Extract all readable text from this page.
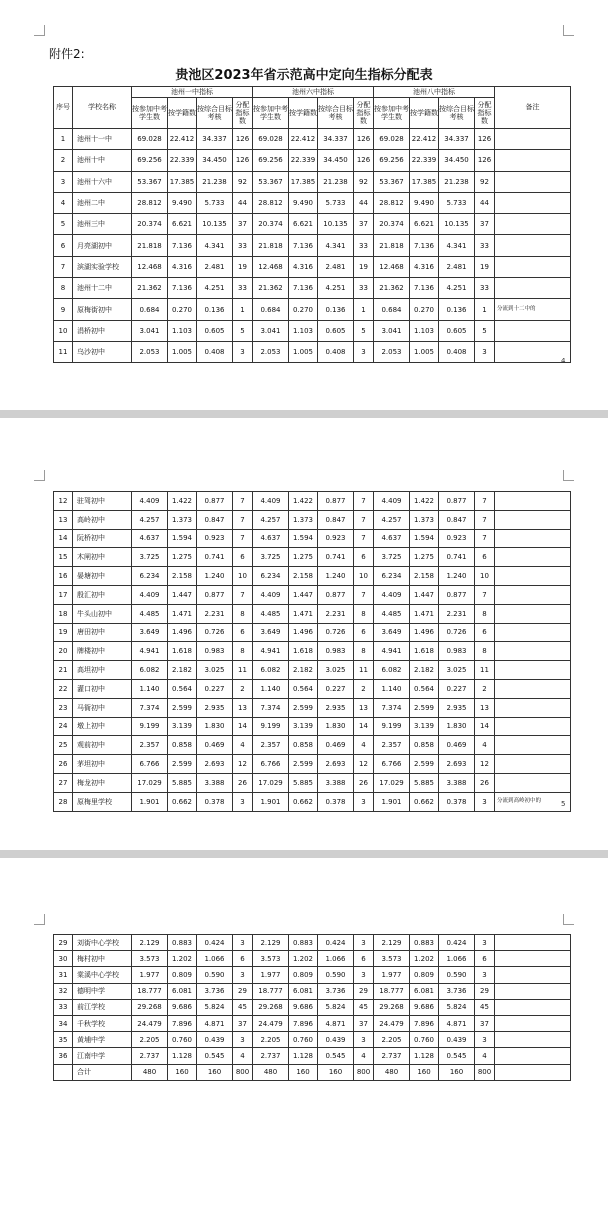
附件2:
贵池区2023年省示范高中定向生指标分配表
序号	学校名称	池州一中指标				池州六中指标				池州八中指标				备注
		按参加中考学生数	按学籍数	按综合目标考核	分配指标数	按参加中考学生数	按学籍数	按综合目标考核	分配指标数	按参加中考学生数	按学籍数	按综合目标考核	分配指标数	
1	池州十一中	69.028	22.412	34.337	126	69.028	22.412	34.337	126	69.028	22.412	34.337	126	
2	池州十中	69.256	22.339	34.450	126	69.256	22.339	34.450	126	69.256	22.339	34.450	126	
3	池州十六中	53.367	17.385	21.238	92	53.367	17.385	21.238	92	53.367	17.385	21.238	92	
4	池州二中	28.812	9.490	5.733	44	28.812	9.490	5.733	44	28.812	9.490	5.733	44	
5	池州三中	20.374	6.621	10.135	37	20.374	6.621	10.135	37	20.374	6.621	10.135	37	
6	月亮湖初中	21.818	7.136	4.341	33	21.818	7.136	4.341	33	21.818	7.136	4.341	33	
7	滨湖实验学校	12.468	4.316	2.481	19	12.468	4.316	2.481	19	12.468	4.316	2.481	19	
8	池州十二中	21.362	7.136	4.251	33	21.362	7.136	4.251	33	21.362	7.136	4.251	33	
9	原梅街初中	0.684	0.270	0.136	1	0.684	0.270	0.136	1	0.684	0.270	0.136	1	分流到十二中的
10	涓桥初中	3.041	1.103	0.605	5	3.041	1.103	0.605	5	3.041	1.103	0.605	5	
11	乌沙初中	2.053	1.005	0.408	3	2.053	1.005	0.408	3	2.053	1.005	0.408	3	
4
12	驻驾初中	4.409	1.422	0.877	7	4.409	1.422	0.877	7	4.409	1.422	0.877	7	
13	高岭初中	4.257	1.373	0.847	7	4.257	1.373	0.847	7	4.257	1.373	0.847	7	
14	阮桥初中	4.637	1.594	0.923	7	4.637	1.594	0.923	7	4.637	1.594	0.923	7	
15	木闸初中	3.725	1.275	0.741	6	3.725	1.275	0.741	6	3.725	1.275	0.741	6	
16	晏塘初中	6.234	2.158	1.240	10	6.234	2.158	1.240	10	6.234	2.158	1.240	10	
17	殷汇初中	4.409	1.447	0.877	7	4.409	1.447	0.877	7	4.409	1.447	0.877	7	
18	牛头山初中	4.485	1.471	2.231	8	4.485	1.471	2.231	8	4.485	1.471	2.231	8	
19	唐田初中	3.649	1.496	0.726	6	3.649	1.496	0.726	6	3.649	1.496	0.726	6	
20	牌楼初中	4.941	1.618	0.983	8	4.941	1.618	0.983	8	4.941	1.618	0.983	8	
21	高坦初中	6.082	2.182	3.025	11	6.082	2.182	3.025	11	6.082	2.182	3.025	11	
22	灌口初中	1.140	0.564	0.227	2	1.140	0.564	0.227	2	1.140	0.564	0.227	2	
23	马衙初中	7.374	2.599	2.935	13	7.374	2.599	2.935	13	7.374	2.599	2.935	13	
24	墩上初中	9.199	3.139	1.830	14	9.199	3.139	1.830	14	9.199	3.139	1.830	14	
25	观前初中	2.357	0.858	0.469	4	2.357	0.858	0.469	4	2.357	0.858	0.469	4	
26	茅坦初中	6.766	2.599	2.693	12	6.766	2.599	2.693	12	6.766	2.599	2.693	12	
27	梅龙初中	17.029	5.885	3.388	26	17.029	5.885	3.388	26	17.029	5.885	3.388	26	
28	原梅里学校	1.901	0.662	0.378	3	1.901	0.662	0.378	3	1.901	0.662	0.378	3	分流到高岭初中的	5
29	刘街中心学校	2.129	0.883	0.424	3	2.129	0.883	0.424	3	2.129	0.883	0.424	3	
30	梅村初中	3.573	1.202	1.066	6	3.573	1.202	1.066	6	3.573	1.202	1.066	6	
31	棠溪中心学校	1.977	0.809	0.590	3	1.977	0.809	0.590	3	1.977	0.809	0.590	3	
32	德明中学	18.777	6.081	3.736	29	18.777	6.081	3.736	29	18.777	6.081	3.736	29	
33	前江学校	29.268	9.686	5.824	45	29.268	9.686	5.824	45	29.268	9.686	5.824	45	
34	千秋学校	24.479	7.896	4.871	37	24.479	7.896	4.871	37	24.479	7.896	4.871	37	
35	黄埔中学	2.205	0.760	0.439	3	2.205	0.760	0.439	3	2.205	0.760	0.439	3	
36	江南中学	2.737	1.128	0.545	4	2.737	1.128	0.545	4	2.737	1.128	0.545	4	
	合计	480	160	160	800	480	160	160	800	480	160	160	800	
